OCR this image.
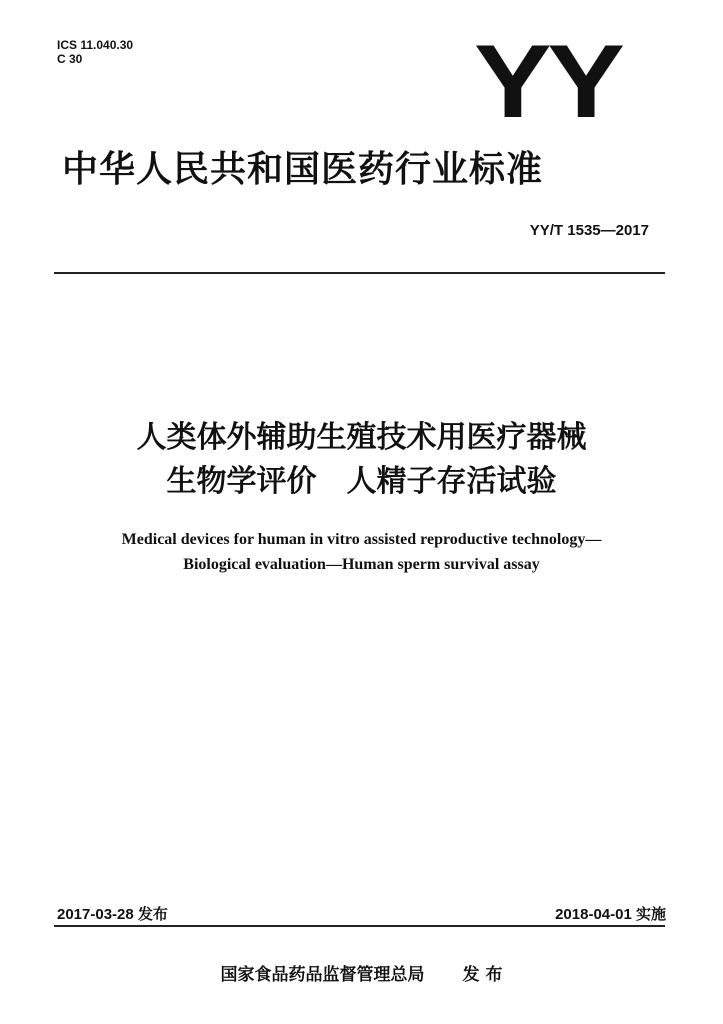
ICS 11.040.30
C 30	YY
中华人民共和国医药行业标准
YY/T 1535—2017
人类体外辅助生殖技术用医疗器械
生物学评价　人精子存活试验
Medical devices for human in vitro assisted reproductive technology—
Biological evaluation—Human sperm survival assay
2017-03-28 发布	2018-04-01 实施
国家食品药品监督管理总局 发 布
